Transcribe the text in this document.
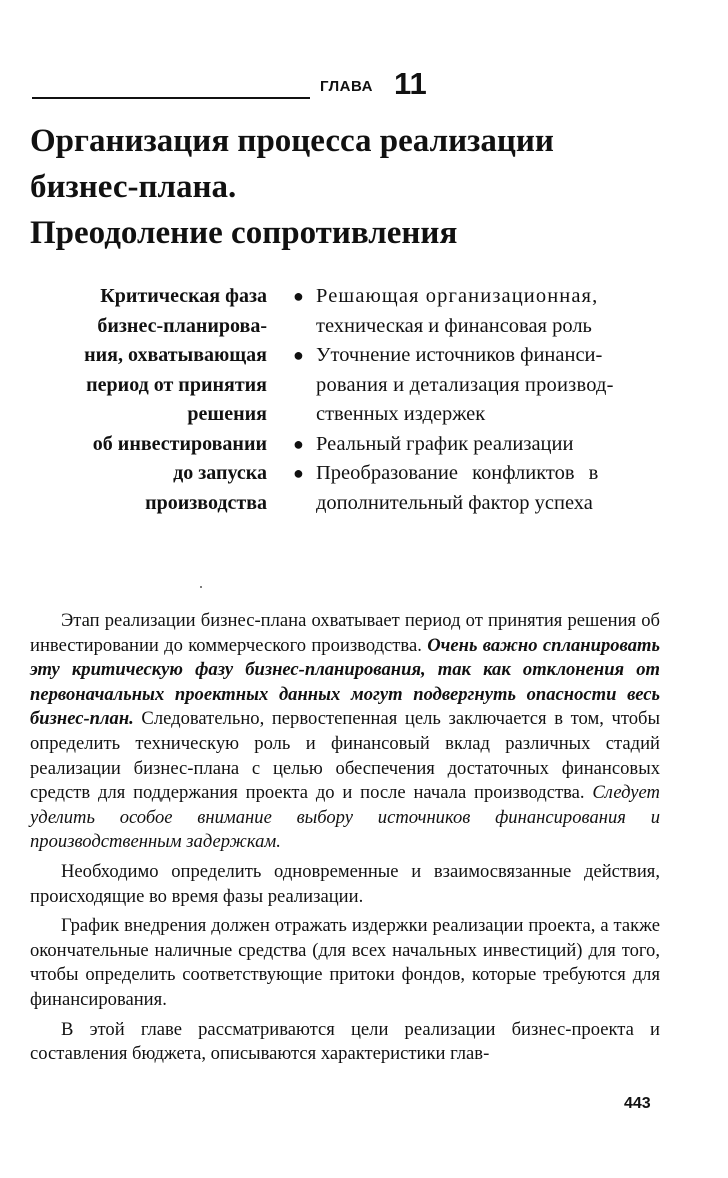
ГЛАВА 11
Организация процесса реализации
бизнес-плана.
Преодоление сопротивления
Критическая фаза
бизнес-планирова-
ния, охватывающая
период от принятия
решения
об инвестировании
до запуска
производства
● Решающая организационная,
техническая и финансовая роль
● Уточнение источников финанси-
рования и детализация производ-
ственных издержек
● Реальный график реализации
● Преобразование конфликтов в
дополнительный фактор успеха

Этап реализации бизнес-плана охватывает период от принятия решения об инвестировании до коммерческого производства. Очень важно спланировать эту критическую фазу бизнес-планирования, так как отклонения от первоначальных проектных данных могут подвергнуть опасности весь бизнес-план. Следовательно, первостепенная цель заключается в том, чтобы определить техническую роль и финансовый вклад различных стадий реализации бизнес-плана с целью обеспечения достаточных финансовых средств для поддержания проекта до и после начала производства. Следует уделить особое внимание выбору источников финансирования и производственным задержкам.

Необходимо определить одновременные и взаимосвязанные действия, происходящие во время фазы реализации.

График внедрения должен отражать издержки реализации проекта, а также окончательные наличные средства (для всех начальных инвестиций) для того, чтобы определить соответствующие притоки фондов, которые требуются для финансирования.

В этой главе рассматриваются цели реализации бизнес-проекта и составления бюджета, описываются характеристики глав-

443
